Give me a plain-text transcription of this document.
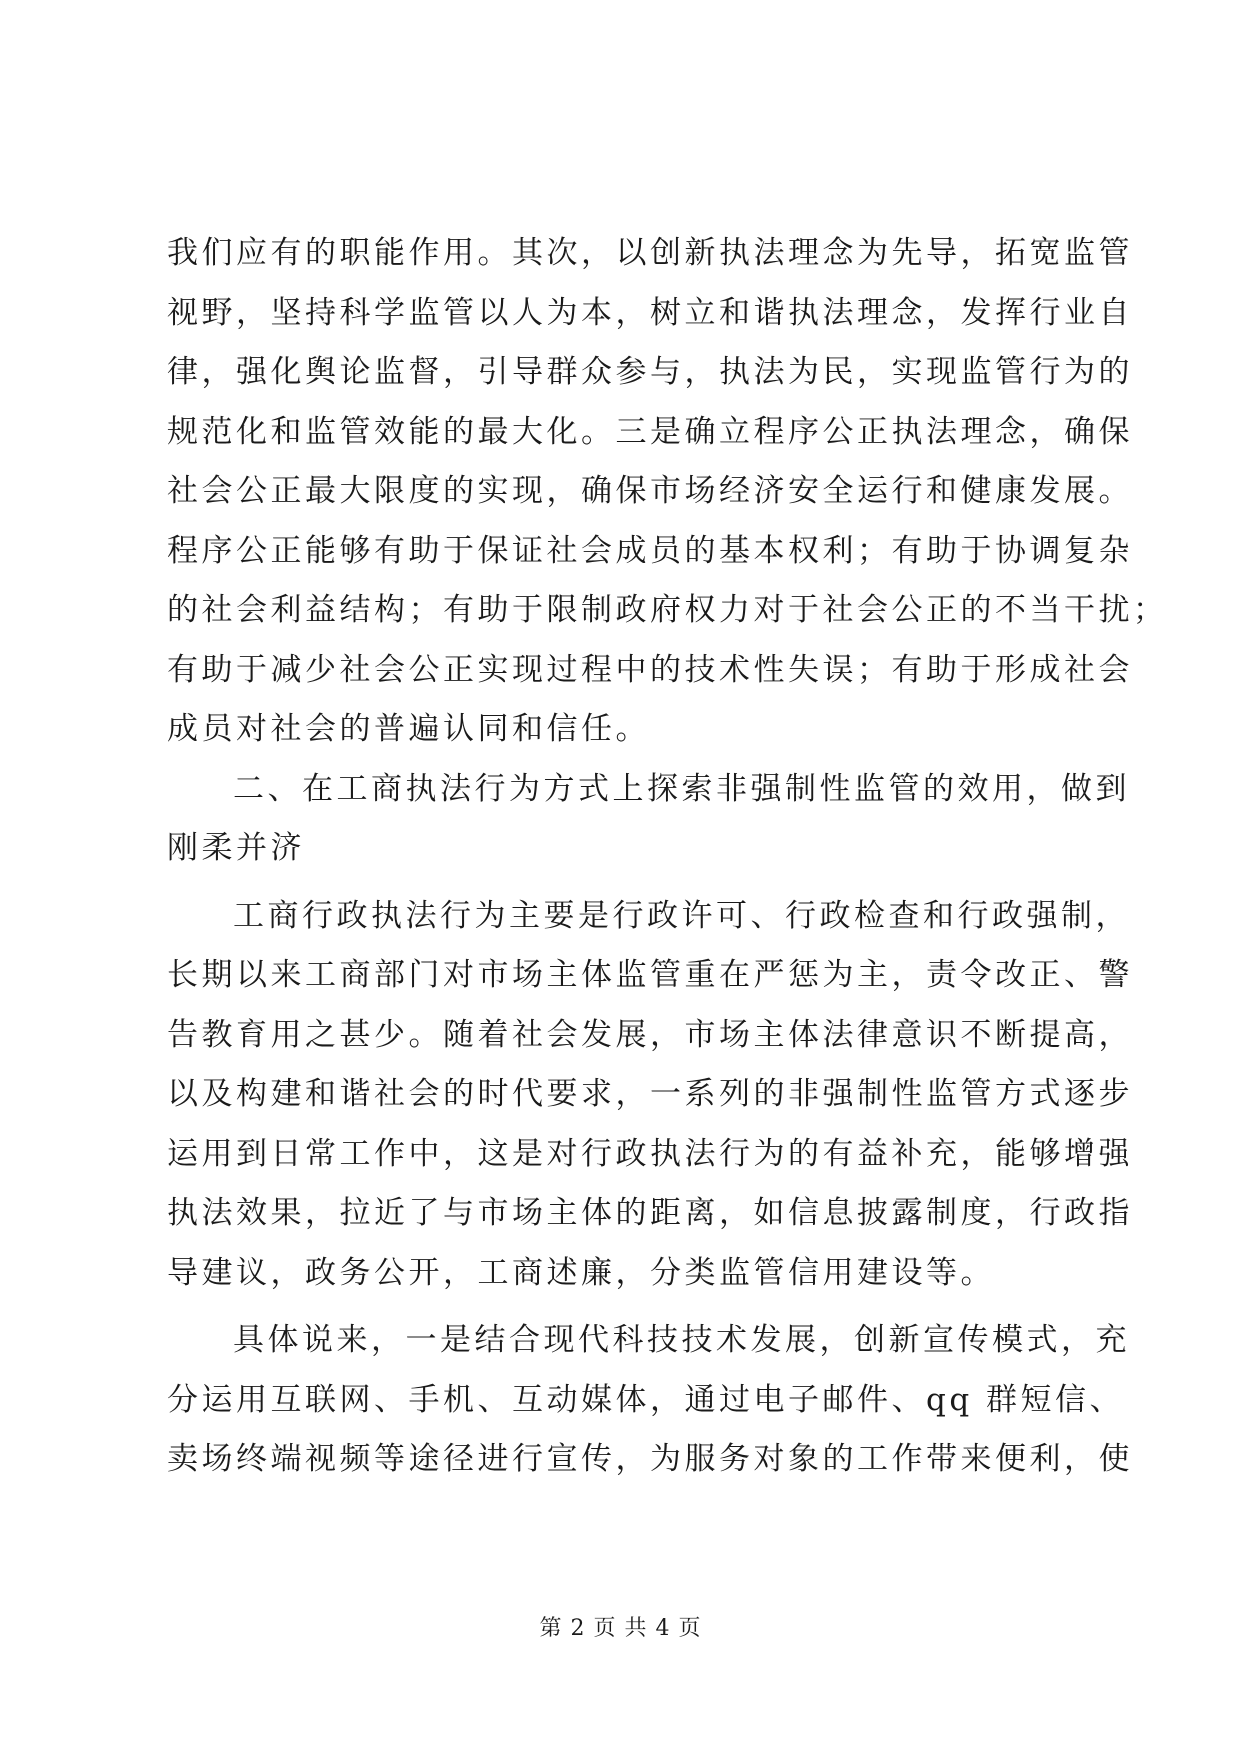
我们应有的职能作用。其次，以创新执法理念为先导，拓宽监管
视野，坚持科学监管以人为本，树立和谐执法理念，发挥行业自
律，强化舆论监督，引导群众参与，执法为民，实现监管行为的
规范化和监管效能的最大化。三是确立程序公正执法理念，确保
社会公正最大限度的实现，确保市场经济安全运行和健康发展。
程序公正能够有助于保证社会成员的基本权利；有助于协调复杂
的社会利益结构；有助于限制政府权力对于社会公正的不当干扰；
有助于减少社会公正实现过程中的技术性失误；有助于形成社会
成员对社会的普遍认同和信任。
二、在工商执法行为方式上探索非强制性监管的效用，做到
刚柔并济
工商行政执法行为主要是行政许可、行政检查和行政强制，
长期以来工商部门对市场主体监管重在严惩为主，责令改正、警
告教育用之甚少。随着社会发展，市场主体法律意识不断提高，
以及构建和谐社会的时代要求，一系列的非强制性监管方式逐步
运用到日常工作中，这是对行政执法行为的有益补充，能够增强
执法效果，拉近了与市场主体的距离，如信息披露制度，行政指
导建议，政务公开，工商述廉，分类监管信用建设等。
具体说来，一是结合现代科技技术发展，创新宣传模式，充
分运用互联网、手机、互动媒体，通过电子邮件、qq 群短信、
卖场终端视频等途径进行宣传，为服务对象的工作带来便利，使
第 2 页 共 4 页
